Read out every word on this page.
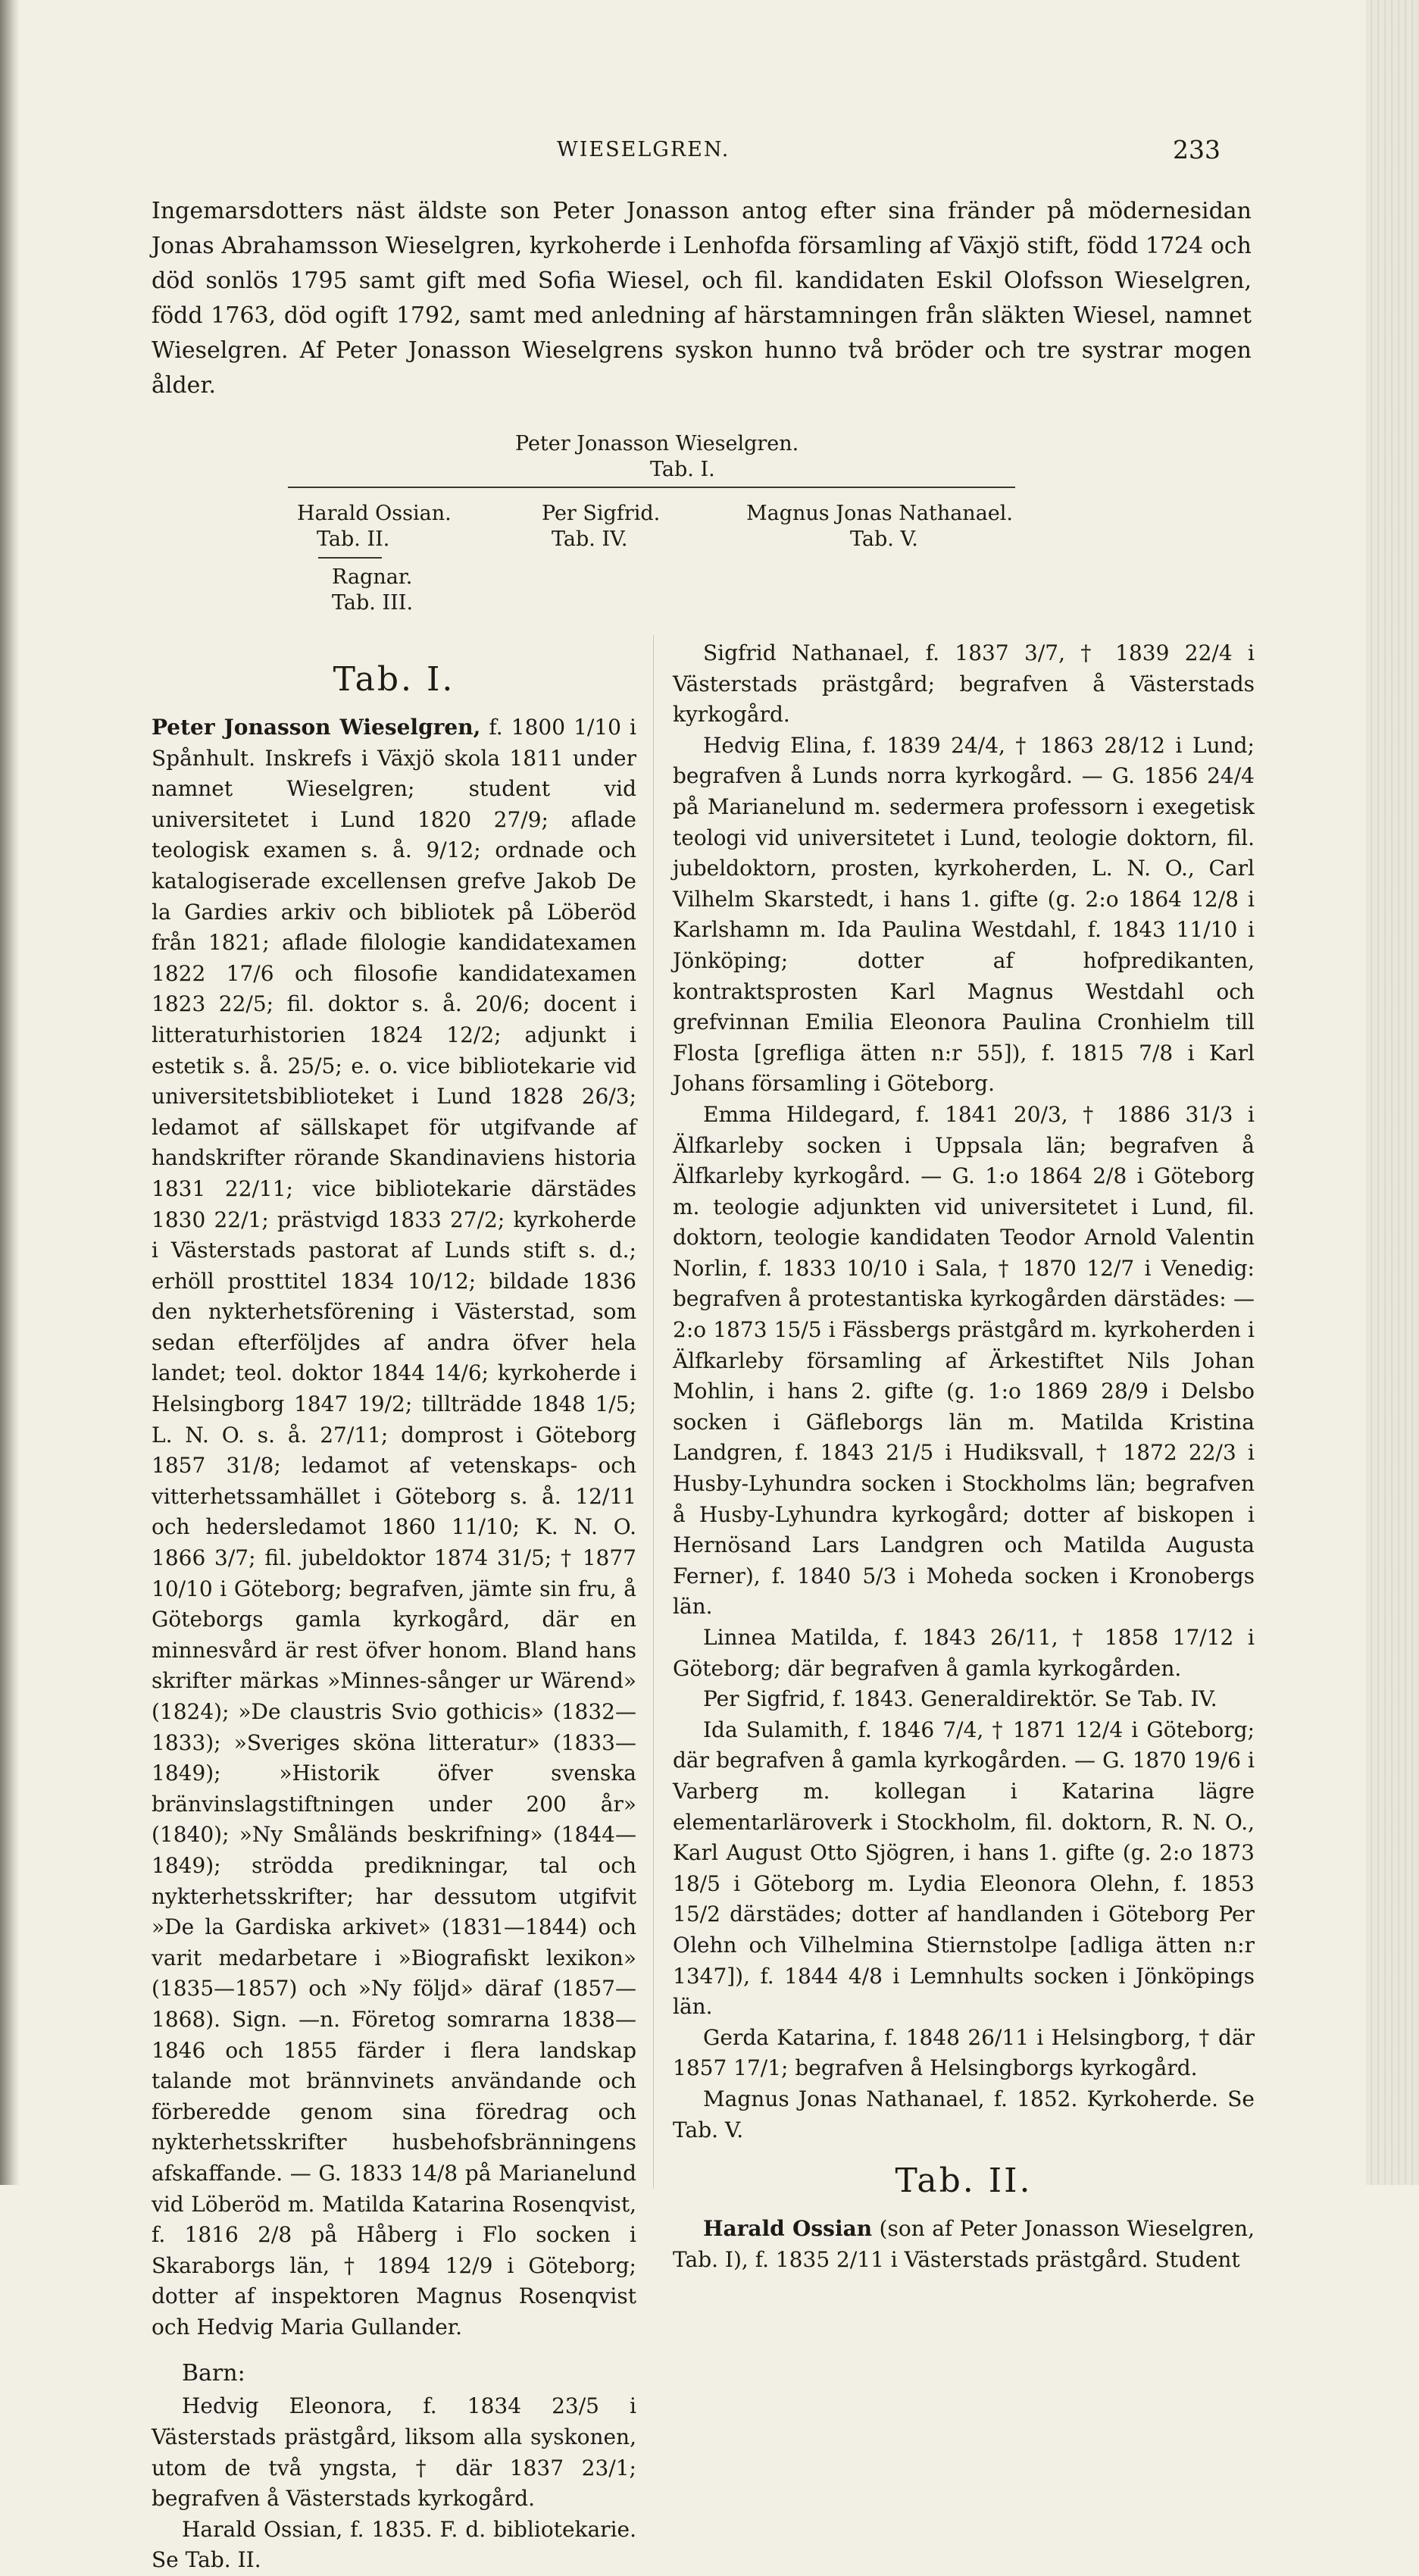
WIESELGREN.	233
Ingemarsdotters näst äldste son Peter Jonasson antog efter sina fränder på mödernesidan Jonas Abrahamsson Wieselgren, kyrkoherde i Lenhofda församling af Växjö stift, född 1724 och död sonlös 1795 samt gift med Sofia Wiesel, och fil. kandidaten Eskil Olofsson Wieselgren, född 1763, död ogift 1792, samt med anledning af härstamningen från släkten Wiesel, namnet Wieselgren. Af Peter Jonasson Wieselgrens syskon hunno två bröder och tre systrar mogen ålder.
Peter Jonasson Wieselgren.
Tab. I.
Harald Ossian.
Tab. II.
Per Sigfrid.
Tab. IV.
Magnus Jonas Nathanael.
Tab. V.
Ragnar.
Tab. III.
Tab. I.

Peter Jonasson Wieselgren, f. 1800 1/10 i Spånhult. Inskrefs i Växjö skola 1811 under namnet Wieselgren; student vid universitetet i Lund 1820 27/9; aflade teologisk examen s. å. 9/12; ordnade och katalogiserade excellensen grefve Jakob De la Gardies arkiv och bibliotek på Löberöd från 1821; aflade filologie kandidatexamen 1822 17/6 och filosofie kandidatexamen 1823 22/5; fil. doktor s. å. 20/6; docent i litteraturhistorien 1824 12/2; adjunkt i estetik s. å. 25/5; e. o. vice bibliotekarie vid universitetsbiblioteket i Lund 1828 26/3; ledamot af sällskapet för utgifvande af handskrifter rörande Skandinaviens historia 1831 22/11; vice bibliotekarie därstädes 1830 22/1; prästvigd 1833 27/2; kyrkoherde i Västerstads pastorat af Lunds stift s. d.; erhöll prosttitel 1834 10/12; bildade 1836 den nykterhetsförening i Västerstad, som sedan efterföljdes af andra öfver hela landet; teol. doktor 1844 14/6; kyrkoherde i Helsingborg 1847 19/2; tillträdde 1848 1/5; L. N. O. s. å. 27/11; domprost i Göteborg 1857 31/8; ledamot af vetenskaps- och vitterhetssamhället i Göteborg s. å. 12/11 och hedersledamot 1860 11/10; K. N. O. 1866 3/7; fil. jubeldoktor 1874 31/5; † 1877 10/10 i Göteborg; begrafven, jämte sin fru, å Göteborgs gamla kyrkogård, där en minnesvård är rest öfver honom. Bland hans skrifter märkas »Minnes-sånger ur Wärend» (1824); »De claustris Svio gothicis» (1832—1833); »Sveriges sköna litteratur» (1833—1849); »Historik öfver svenska bränvinslagstiftningen under 200 år» (1840); »Ny Småländs beskrifning» (1844—1849); strödda predikningar, tal och nykterhetsskrifter; har dessutom utgifvit »De la Gardiska arkivet» (1831—1844) och varit medarbetare i »Biografiskt lexikon» (1835—1857) och »Ny följd» däraf (1857—1868). Sign. —n. Företog somrarna 1838—1846 och 1855 färder i flera landskap talande mot brännvinets användande och förberedde genom sina föredrag och nykterhetsskrifter husbehofsbränningens afskaffande. — G. 1833 14/8 på Marianelund vid Löberöd m. Matilda Katarina Rosenqvist, f. 1816 2/8 på Håberg i Flo socken i Skaraborgs län, † 1894 12/9 i Göteborg; dotter af inspektoren Magnus Rosenqvist och Hedvig Maria Gullander.

Barn:

Hedvig Eleonora, f. 1834 23/5 i Västerstads prästgård, liksom alla syskonen, utom de två yngsta, † där 1837 23/1; begrafven å Västerstads kyrkogård.

Harald Ossian, f. 1835. F. d. bibliotekarie. Se Tab. II.

Sigfrid Nathanael, f. 1837 3/7, † 1839 22/4 i Västerstads prästgård; begrafven å Västerstads kyrkogård.

Hedvig Elina, f. 1839 24/4, † 1863 28/12 i Lund; begrafven å Lunds norra kyrkogård. — G. 1856 24/4 på Marianelund m. sedermera professorn i exegetisk teologi vid universitetet i Lund, teologie doktorn, fil. jubeldoktorn, prosten, kyrkoherden, L. N. O., Carl Vilhelm Skarstedt, i hans 1. gifte (g. 2:o 1864 12/8 i Karlshamn m. Ida Paulina Westdahl, f. 1843 11/10 i Jönköping; dotter af hofpredikanten, kontraktsprosten Karl Magnus Westdahl och grefvinnan Emilia Eleonora Paulina Cronhielm till Flosta [grefliga ätten n:r 55]), f. 1815 7/8 i Karl Johans församling i Göteborg.

Emma Hildegard, f. 1841 20/3, † 1886 31/3 i Älfkarleby socken i Uppsala län; begrafven å Älfkarleby kyrkogård. — G. 1:o 1864 2/8 i Göteborg m. teologie adjunkten vid universitetet i Lund, fil. doktorn, teologie kandidaten Teodor Arnold Valentin Norlin, f. 1833 10/10 i Sala, † 1870 12/7 i Venedig: begrafven å protestantiska kyrkogården därstädes: — 2:o 1873 15/5 i Fässbergs prästgård m. kyrkoherden i Älfkarleby församling af Ärkestiftet Nils Johan Mohlin, i hans 2. gifte (g. 1:o 1869 28/9 i Delsbo socken i Gäfleborgs län m. Matilda Kristina Landgren, f. 1843 21/5 i Hudiksvall, † 1872 22/3 i Husby-Lyhundra socken i Stockholms län; begrafven å Husby-Lyhundra kyrkogård; dotter af biskopen i Hernösand Lars Landgren och Matilda Augusta Ferner), f. 1840 5/3 i Moheda socken i Kronobergs län.

Linnea Matilda, f. 1843 26/11, † 1858 17/12 i Göteborg; där begrafven å gamla kyrkogården.

Per Sigfrid, f. 1843. Generaldirektör. Se Tab. IV.

Ida Sulamith, f. 1846 7/4, † 1871 12/4 i Göteborg; där begrafven å gamla kyrkogården. — G. 1870 19/6 i Varberg m. kollegan i Katarina lägre elementarläroverk i Stockholm, fil. doktorn, R. N. O., Karl August Otto Sjögren, i hans 1. gifte (g. 2:o 1873 18/5 i Göteborg m. Lydia Eleonora Olehn, f. 1853 15/2 därstädes; dotter af handlanden i Göteborg Per Olehn och Vilhelmina Stiernstolpe [adliga ätten n:r 1347]), f. 1844 4/8 i Lemnhults socken i Jönköpings län.

Gerda Katarina, f. 1848 26/11 i Helsingborg, † där 1857 17/1; begrafven å Helsingborgs kyrkogård.

Magnus Jonas Nathanael, f. 1852. Kyrkoherde. Se Tab. V.

Tab. II.

Harald Ossian (son af Peter Jonasson Wieselgren, Tab. I), f. 1835 2/11 i Västerstads prästgård. Student
